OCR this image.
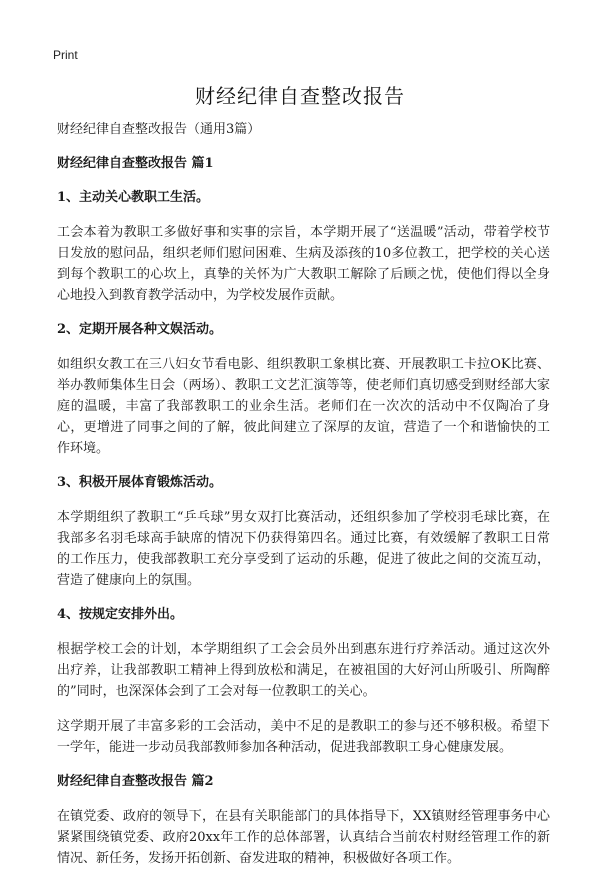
Print
财经纪律自查整改报告

财经纪律自查整改报告（通用3篇）

财经纪律自查整改报告 篇1

1、主动关心教职工生活。

工会本着为教职工多做好事和实事的宗旨，本学期开展了“送温暖”活动，带着学校节日发放的慰问品，组织老师们慰问困难、生病及添孩的10多位教工，把学校的关心送到每个教职工的心坎上，真挚的关怀为广大教职工解除了后顾之忧，使他们得以全身心地投入到教育教学活动中，为学校发展作贡献。

2、定期开展各种文娱活动。

如组织女教工在三八妇女节看电影、组织教职工象棋比赛、开展教职工卡拉OK比赛、举办教师集体生日会（两场）、教职工文艺汇演等等，使老师们真切感受到财经部大家庭的温暖，丰富了我部教职工的业余生活。老师们在一次次的活动中不仅陶冶了身心，更增进了同事之间的了解，彼此间建立了深厚的友谊，营造了一个和谐愉快的工作环境。

3、积极开展体育锻炼活动。

本学期组织了教职工“乒乓球”男女双打比赛活动，还组织参加了学校羽毛球比赛，在我部多名羽毛球高手缺席的情况下仍获得第四名。通过比赛，有效缓解了教职工日常的工作压力，使我部教职工充分享受到了运动的乐趣，促进了彼此之间的交流互动，营造了健康向上的氛围。

4、按规定安排外出。

根据学校工会的计划，本学期组织了工会会员外出到惠东进行疗养活动。通过这次外出疗养，让我部教职工精神上得到放松和满足，在被祖国的大好河山所吸引、所陶醉的”同时，也深深体会到了工会对每一位教职工的关心。

这学期开展了丰富多彩的工会活动，美中不足的是教职工的参与还不够积极。希望下一学年，能进一步动员我部教师参加各种活动，促进我部教职工身心健康发展。

财经纪律自查整改报告 篇2

在镇党委、政府的领导下，在县有关职能部门的具体指导下，XX镇财经管理事务中心紧紧围绕镇党委、政府20xx年工作的总体部署，认真结合当前农村财经管理工作的新情况、新任务，发扬开拓创新、奋发进取的精神，积极做好各项工作。
